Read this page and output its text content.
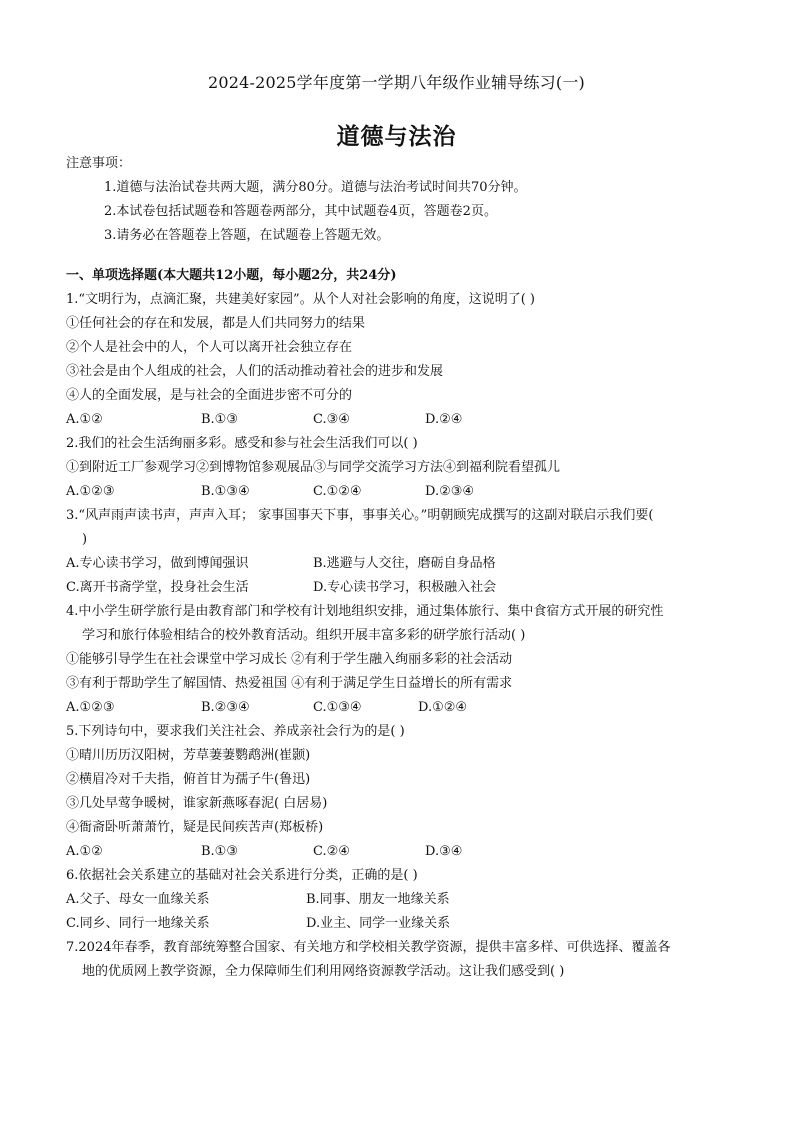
2024-2025学年度第一学期八年级作业辅导练习(一)
道德与法治
注意事项：
1.道德与法治试卷共两大题，满分80分。道德与法治考试时间共70分钟。
2.本试卷包括试题卷和答题卷两部分，其中试题卷4页，答题卷2页。
3.请务必在答题卷上答题，在试题卷上答题无效。
一、单项选择题(本大题共12小题，每小题2分，共24分)
1.“文明行为，点滴汇聚，共建美好家园”。从个人对社会影响的角度，这说明了( )
①任何社会的存在和发展，都是人们共同努力的结果
②个人是社会中的人，个人可以离开社会独立存在
③社会是由个人组成的社会，人们的活动推动着社会的进步和发展
④人的全面发展，是与社会的全面进步密不可分的
A.①②	B.①③	C.③④	D.②④
2.我们的社会生活绚丽多彩。感受和参与社会生活我们可以( )
①到附近工厂参观学习②到博物馆参观展品③与同学交流学习方法④到福利院看望孤儿
A.①②③	B.①③④	C.①②④	D.②③④
3.“风声雨声读书声，声声入耳； 家事国事天下事，事事关心。”明朝顾宪成撰写的这副对联启示我们要(
)
A.专心读书学习，做到博闻强识	B.逃避与人交往，磨砺自身品格
C.离开书斋学堂，投身社会生活	D.专心读书学习，积极融入社会
4.中小学生研学旅行是由教育部门和学校有计划地组织安排，通过集体旅行、集中食宿方式开展的研究性
学习和旅行体验相结合的校外教育活动。组织开展丰富多彩的研学旅行活动( )
①能够引导学生在社会课堂中学习成长 ②有利于学生融入绚丽多彩的社会活动
③有利于帮助学生了解国情、热爱祖国 ④有利于满足学生日益增长的所有需求
A.①②③	B.②③④	C.①③④	D.①②④
5.下列诗句中，要求我们关注社会、养成亲社会行为的是( )
①晴川历历汉阳树，芳草萋萋鹦鹉洲(崔颢)
②横眉冷对千夫指，俯首甘为孺子牛(鲁迅)
③几处早莺争暖树，谁家新燕啄春泥( 白居易)
④衙斋卧听萧萧竹，疑是民间疾苦声(郑板桥)
A.①②	B.①③	C.②④	D.③④
6.依据社会关系建立的基础对社会关系进行分类，正确的是( )
A.父子、母女一血缘关系	B.同事、朋友一地缘关系
C.同乡、同行一地缘关系	D.业主、同学一业缘关系
7.2024年春季，教育部统筹整合国家、有关地方和学校相关教学资源，提供丰富多样、可供选择、覆盖各
地的优质网上教学资源，全力保障师生们利用网络资源教学活动。这让我们感受到( )
